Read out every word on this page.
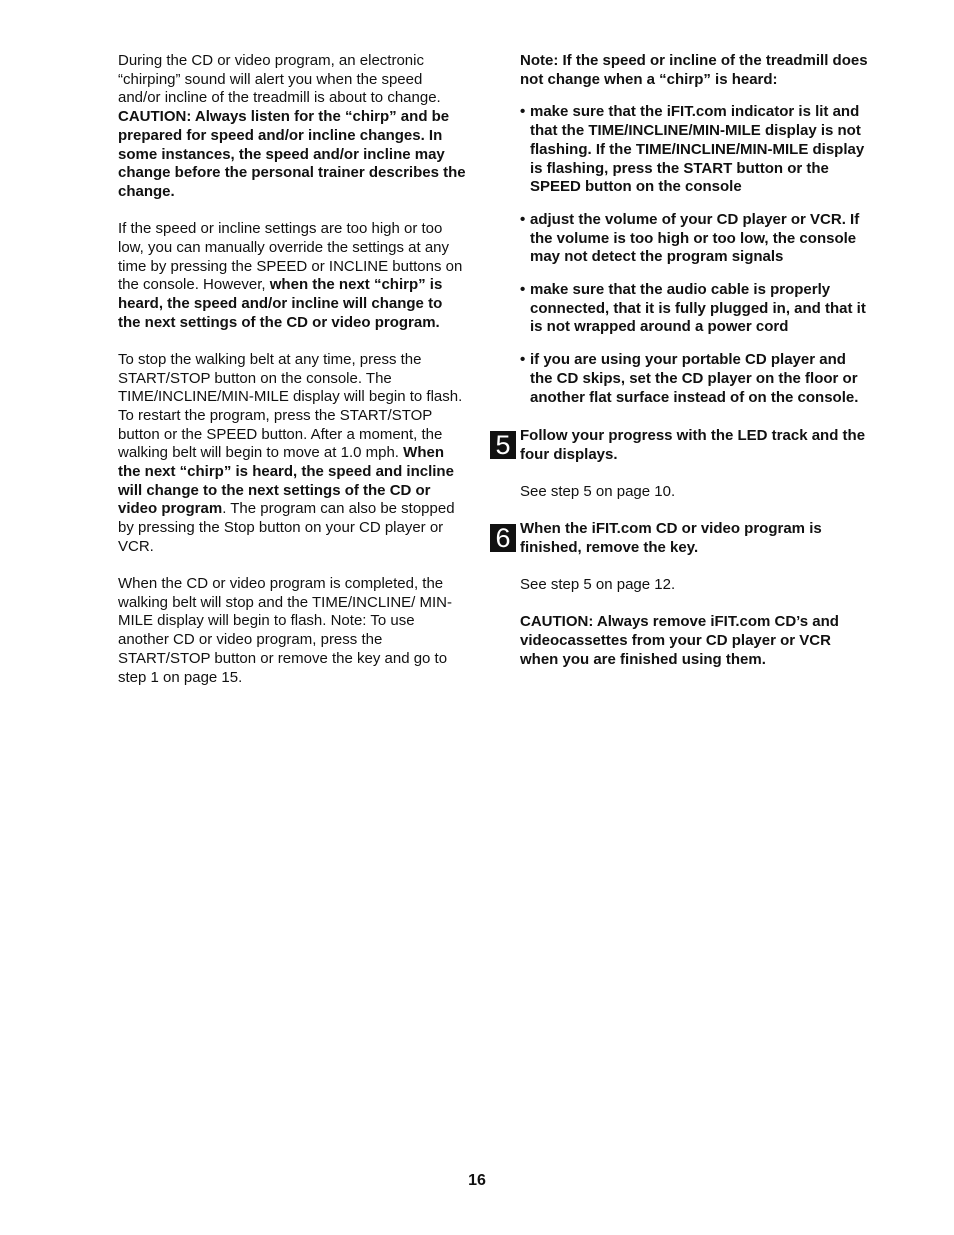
During the CD or video program, an electronic “chirping” sound will alert you when the speed and/or incline of the treadmill is about to change. CAUTION: Always listen for the “chirp” and be prepared for speed and/or incline changes. In some instances, the speed and/or incline may change before the personal trainer describes the change.

If the speed or incline settings are too high or too low, you can manually override the settings at any time by pressing the SPEED or INCLINE buttons on the console. However, when the next “chirp” is heard, the speed and/or incline will change to the next settings of the CD or video program.

To stop the walking belt at any time, press the START/STOP button on the console. The TIME/INCLINE/MIN-MILE display will begin to flash. To restart the program, press the START/STOP button or the SPEED button. After a moment, the walking belt will begin to move at 1.0 mph. When the next “chirp” is heard, the speed and incline will change to the next settings of the CD or video program. The program can also be stopped by pressing the Stop button on your CD player or VCR.

When the CD or video program is completed, the walking belt will stop and the TIME/INCLINE/ MIN-MILE display will begin to flash. Note: To use another CD or video program, press the START/STOP button or remove the key and go to step 1 on page 15.

Note: If the speed or incline of the treadmill does not change when a “chirp” is heard:

• make sure that the iFIT.com indicator is lit and that the TIME/INCLINE/MIN-MILE display is not flashing. If the TIME/INCLINE/MIN-MILE display is flashing, press the START button or the SPEED button on the console
• adjust the volume of your CD player or VCR. If the volume is too high or too low, the console may not detect the program signals
• make sure that the audio cable is properly connected, that it is fully plugged in, and that it is not wrapped around a power cord
• if you are using your portable CD player and the CD skips, set the CD player on the floor or another flat surface instead of on the console.
5 Follow your progress with the LED track and the four displays.

See step 5 on page 10.

6 When the iFIT.com CD or video program is finished, remove the key.

See step 5 on page 12.

CAUTION: Always remove iFIT.com CD’s and videocassettes from your CD player or VCR when you are finished using them.

16
